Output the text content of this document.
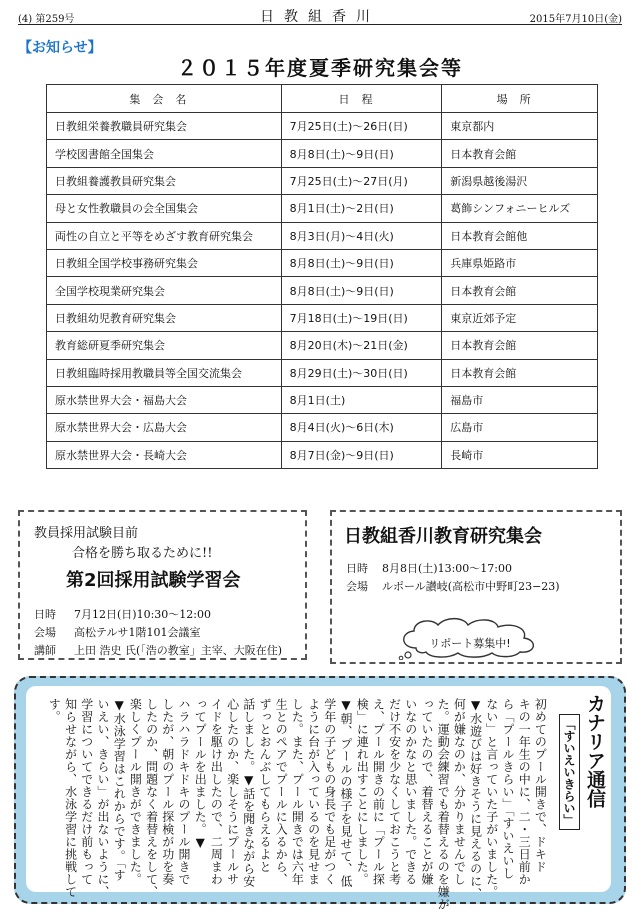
(4) 第259号	日教組香川	2015年7月10日(金)
【お知らせ】
２０１５年度夏季研究集会等
集会名	日程	場所
日教組栄養教職員研究集会	7月25日(土)〜26日(日)	東京都内
学校図書館全国集会	8月8日(土)〜9日(日)	日本教育会館
日教組養護教員研究集会	7月25日(土)〜27日(月)	新潟県越後湯沢
母と女性教職員の会全国集会	8月1日(土)〜2日(日)	葛飾シンフォニーヒルズ
両性の自立と平等をめざす教育研究集会	8月3日(月)〜4日(火)	日本教育会館他
日教組全国学校事務研究集会	8月8日(土)〜9日(日)	兵庫県姫路市
全国学校現業研究集会	8月8日(土)〜9日(日)	日本教育会館
日教組幼児教育研究集会	7月18日(土)〜19日(日)	東京近郊予定
教育総研夏季研究集会	8月20日(木)〜21日(金)	日本教育会館
日教組臨時採用教職員等全国交流集会	8月29日(土)〜30日(日)	日本教育会館
原水禁世界大会・福島大会	8月1日(土)	福島市
原水禁世界大会・広島大会	8月4日(火)〜6日(木)	広島市
原水禁世界大会・長崎大会	8月7日(金)〜9日(日)	長崎市
教員採用試験目前
合格を勝ち取るために!!
第2回採用試験学習会
日時 7月12日(日)10:30〜12:00
会場 高松テルサ1階101会議室
講師 上田 浩史 氏(「浩の教室」主宰、大阪在住)
日教組香川教育研究集会
日時 8月8日(土)13:00〜17:00
会場 ルポール讃岐(高松市中野町23−23)
リポート募集中!
カナリア通信
「すいえいきらい」
初めてのプール開きで、ドキド
キの一年生の中に、二・三日前か
ら「プールきらい」「すいえいし
ない」と言っていた子がいました。
▼水遊びは好きそうに見えるのに、
何が嫌なのか、分かりませんでし
た。運動会練習でも着替えるのを嫌が
っていたので、着替えることが嫌
いなのかなと思いました。できる
だけ不安を少なくしておこうと考
え、プール開きの前に「プール探
検」に連れ出すことにしました。
▼朝、プールの様子を見せて、低
学年の子どもの身長でも足がつく
ように台が入っているのを見せま
した。また、プール開きでは六年
生とのペアでプールに入るから、
ずっとおんぶしてもらえるよと
話しました。▼話を聞きながら安
心したのか、楽しそうにプールサ
イドを駆け出したので、二周まわ
ってプールを出ました。▼
ハラハラドキドキのプール開きで
したが、朝のプール探検が功を奏
したのか、問題なく着替えをして、
楽しくプール開きができました。
▼水泳学習はこれからです。「す
いえい、きらい」が出ないように、
学習についてできるだけ前もって
知らせながら、水泳学習に挑戦して
す。
